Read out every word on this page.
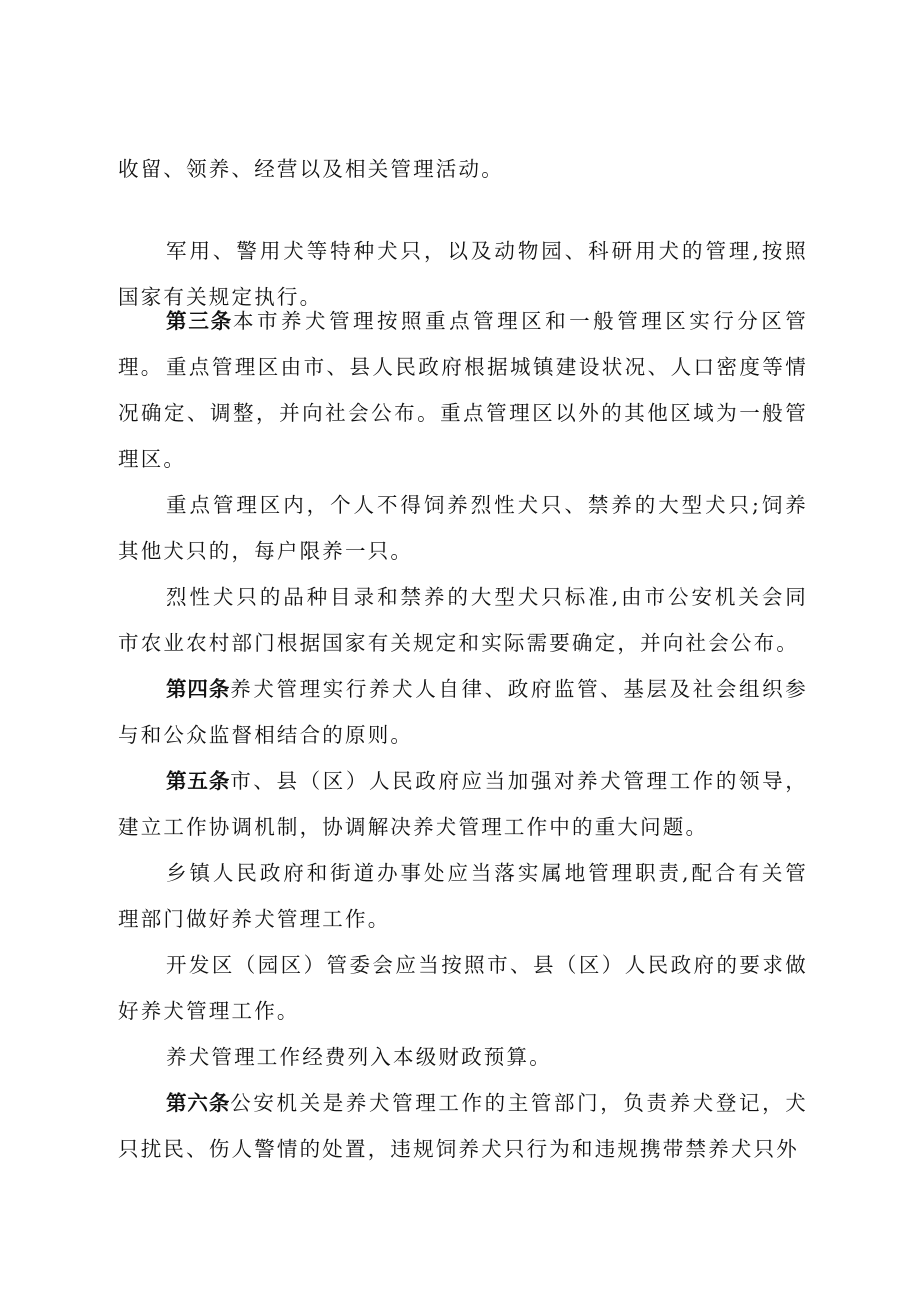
收留、领养、经营以及相关管理活动。

军用、警用犬等特种犬只，以及动物园、科研用犬的管理,按照国家有关规定执行。

第三条本市养犬管理按照重点管理区和一般管理区实行分区管理。 重点管理区由市、县人民政府根据城镇建设状况、人口密度等情况确定、调整，并向社会公布。重点管理区以外的其他区域为一般管理区。

重点管理区内，个人不得饲养烈性犬只、禁养的大型犬只;饲养其他犬只的，每户限养一只。

烈性犬只的品种目录和禁养的大型犬只标准,由市公安机关会同市农业农村部门根据国家有关规定和实际需要确定，并向社会公布。

第四条养犬管理实行养犬人自律、政府监管、基层及社会组织参与和公众监督相结合的原则。

第五条市、县（区）人民政府应当加强对养犬管理工作的领导，建立工作协调机制，协调解决养犬管理工作中的重大问题。

乡镇人民政府和街道办事处应当落实属地管理职责,配合有关管理部门做好养犬管理工作。

开发区（园区）管委会应当按照市、县（区）人民政府的要求做好养犬管理工作。

养犬管理工作经费列入本级财政预算。

第六条公安机关是养犬管理工作的主管部门，负责养犬登记，犬只扰民、伤人警情的处置，违规饲养犬只行为和违规携带禁养犬只外
